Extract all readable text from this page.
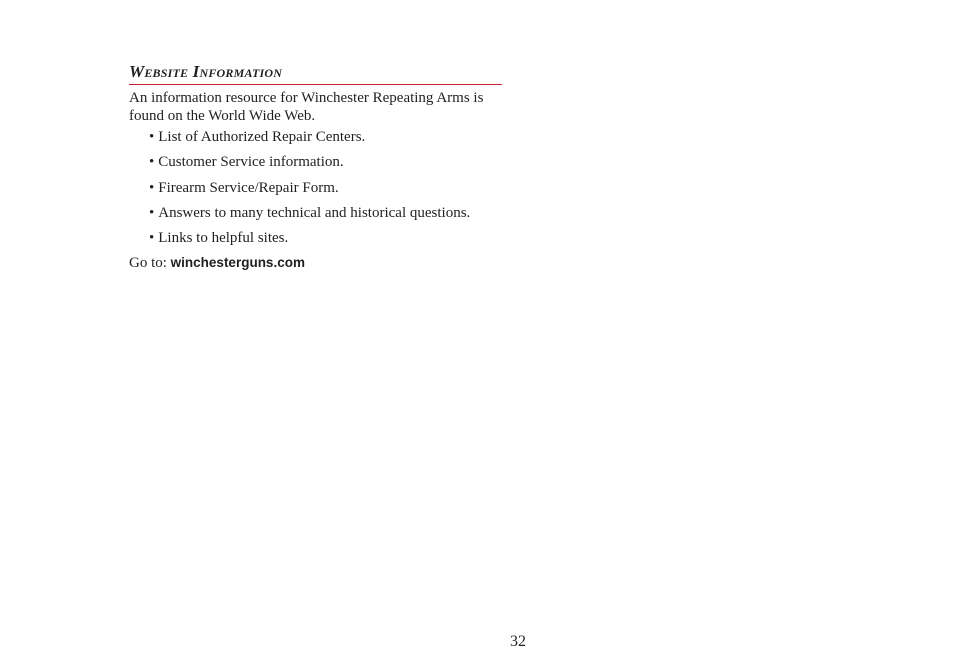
Website Information

An information resource for Winchester Repeating Arms is found on the World Wide Web.

• List of Authorized Repair Centers.
• Customer Service information.
• Firearm Service/Repair Form.
• Answers to many technical and historical questions.
• Links to helpful sites.

Go to: winchesterguns.com

32
